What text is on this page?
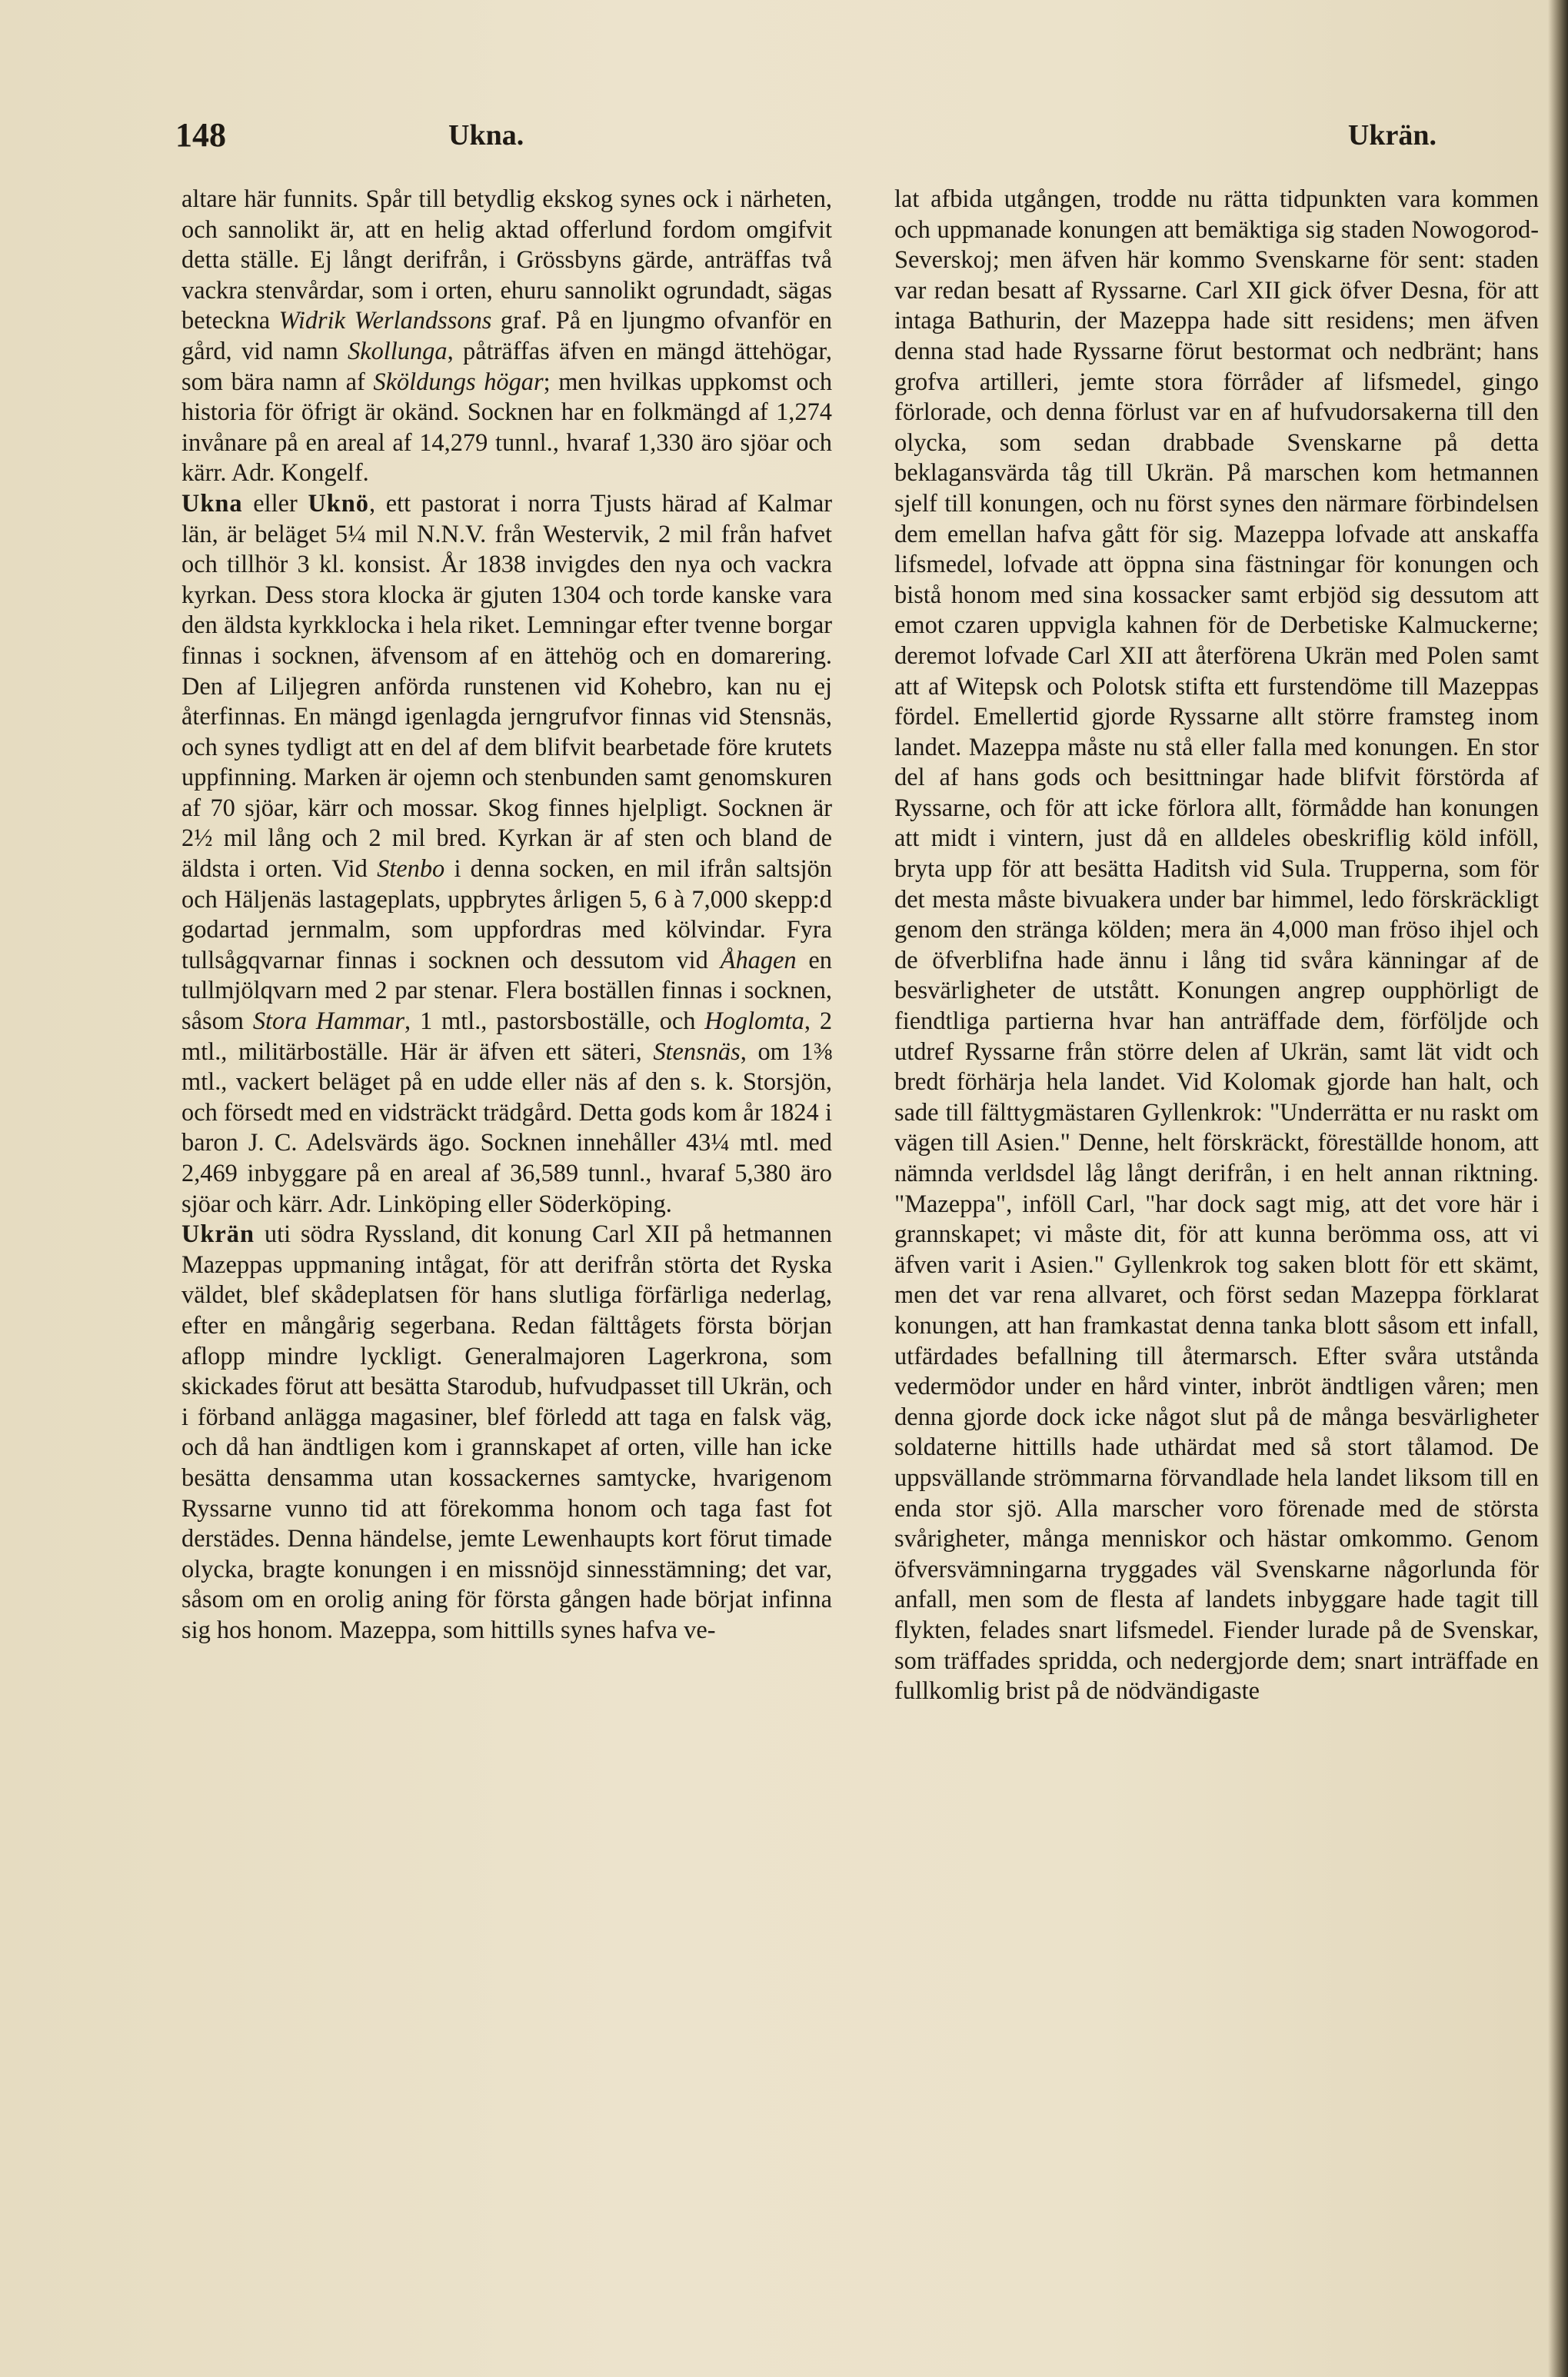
148	Ukna.	Ukrän.

altare här funnits. Spår till betydlig ekskog synes ock i närheten, och sannolikt är, att en helig aktad offerlund fordom omgifvit detta ställe. Ej långt derifrån, i Grössbyns gärde, anträffas två vackra stenvårdar, som i orten, ehuru sannolikt ogrundadt, sägas beteckna Widrik Werlandssons graf. På en ljungmo ofvanför en gård, vid namn Skollunga, påträffas äfven en mängd ättehögar, som bära namn af Sköldungs högar; men hvilkas uppkomst och historia för öfrigt är okänd. Socknen har en folkmängd af 1,274 invånare på en areal af 14,279 tunnl., hvaraf 1,330 äro sjöar och kärr. Adr. Kongelf.

Ukna eller Uknö, ett pastorat i norra Tjusts härad af Kalmar län, är beläget 5¼ mil N.N.V. från Westervik, 2 mil från hafvet och tillhör 3 kl. konsist. År 1838 invigdes den nya och vackra kyrkan. Dess stora klocka är gjuten 1304 och torde kanske vara den äldsta kyrkklocka i hela riket. Lemningar efter tvenne borgar finnas i socknen, äfvensom af en ättehög och en domarering. Den af Liljegren anförda runstenen vid Kohebro, kan nu ej återfinnas. En mängd igenlagda jerngrufvor finnas vid Stensnäs, och synes tydligt att en del af dem blifvit bearbetade före krutets uppfinning. Marken är ojemn och stenbunden samt genomskuren af 70 sjöar, kärr och mossar. Skog finnes hjelpligt. Socknen är 2½ mil lång och 2 mil bred. Kyrkan är af sten och bland de äldsta i orten. Vid Stenbo i denna socken, en mil ifrån saltsjön och Häljenäs lastageplats, uppbrytes årligen 5, 6 à 7,000 skepp:d godartad jernmalm, som uppfordras med kölvindar. Fyra tullsågqvarnar finnas i socknen och dessutom vid Åhagen en tullmjölqvarn med 2 par stenar. Flera boställen finnas i socknen, såsom Stora Hammar, 1 mtl., pastorsboställe, och Hoglomta, 2 mtl., militärboställe. Här är äfven ett säteri, Stensnäs, om 1⅜ mtl., vackert beläget på en udde eller näs af den s. k. Storsjön, och försedt med en vidsträckt trädgård. Detta gods kom år 1824 i baron J. C. Adelsvärds ägo. Socknen innehåller 43¼ mtl. med 2,469 inbyggare på en areal af 36,589 tunnl., hvaraf 5,380 äro sjöar och kärr. Adr. Linköping eller Söderköping.

Ukrän uti södra Ryssland, dit konung Carl XII på hetmannen Mazeppas uppmaning intågat, för att derifrån störta det Ryska väldet, blef skådeplatsen för hans slutliga förfärliga nederlag, efter en mångårig segerbana. Redan fälttågets första början aflopp mindre lyckligt. Generalmajoren Lagerkrona, som skickades förut att besätta Starodub, hufvudpasset till Ukrän, och i förband anlägga magasiner, blef förledd att taga en falsk väg, och då han ändtligen kom i grannskapet af orten, ville han icke besätta densamma utan kossackernes samtycke, hvarigenom Ryssarne vunno tid att förekomma honom och taga fast fot derstädes. Denna händelse, jemte Lewenhaupts kort förut timade olycka, bragte konungen i en missnöjd sinnesstämning; det var, såsom om en orolig aning för första gången hade börjat infinna sig hos honom. Mazeppa, som hittills synes hafva ve-

lat afbida utgången, trodde nu rätta tidpunkten vara kommen och uppmanade konungen att bemäktiga sig staden Nowogorod-Severskoj; men äfven här kommo Svenskarne för sent: staden var redan besatt af Ryssarne. Carl XII gick öfver Desna, för att intaga Bathurin, der Mazeppa hade sitt residens; men äfven denna stad hade Ryssarne förut bestormat och nedbränt; hans grofva artilleri, jemte stora förråder af lifsmedel, gingo förlorade, och denna förlust var en af hufvudorsakerna till den olycka, som sedan drabbade Svenskarne på detta beklagansvärda tåg till Ukrän. På marschen kom hetmannen sjelf till konungen, och nu först synes den närmare förbindelsen dem emellan hafva gått för sig. Mazeppa lofvade att anskaffa lifsmedel, lofvade att öppna sina fästningar för konungen och bistå honom med sina kossacker samt erbjöd sig dessutom att emot czaren uppvigla kahnen för de Derbetiske Kalmuckerne; deremot lofvade Carl XII att återförena Ukrän med Polen samt att af Witepsk och Polotsk stifta ett furstendöme till Mazeppas fördel. Emellertid gjorde Ryssarne allt större framsteg inom landet. Mazeppa måste nu stå eller falla med konungen. En stor del af hans gods och besittningar hade blifvit förstörda af Ryssarne, och för att icke förlora allt, förmådde han konungen att midt i vintern, just då en alldeles obeskriflig köld inföll, bryta upp för att besätta Haditsh vid Sula. Trupperna, som för det mesta måste bivuakera under bar himmel, ledo förskräckligt genom den stränga kölden; mera än 4,000 man fröso ihjel och de öfverblifna hade ännu i lång tid svåra känningar af de besvärligheter de utstått. Konungen angrep oupphörligt de fiendtliga partierna hvar han anträffade dem, förföljde och utdref Ryssarne från större delen af Ukrän, samt lät vidt och bredt förhärja hela landet. Vid Kolomak gjorde han halt, och sade till fälttygmästaren Gyllenkrok: "Underrätta er nu raskt om vägen till Asien." Denne, helt förskräckt, föreställde honom, att nämnda verldsdel låg långt derifrån, i en helt annan riktning. "Mazeppa", inföll Carl, "har dock sagt mig, att det vore här i grannskapet; vi måste dit, för att kunna berömma oss, att vi äfven varit i Asien." Gyllenkrok tog saken blott för ett skämt, men det var rena allvaret, och först sedan Mazeppa förklarat konungen, att han framkastat denna tanka blott såsom ett infall, utfärdades befallning till återmarsch. Efter svåra utstånda vedermödor under en hård vinter, inbröt ändtligen våren; men denna gjorde dock icke något slut på de många besvärligheter soldaterne hittills hade uthärdat med så stort tålamod. De uppsvällande strömmarna förvandlade hela landet liksom till en enda stor sjö. Alla marscher voro förenade med de största svårigheter, många menniskor och hästar omkommo. Genom öfversvämningarna tryggades väl Svenskarne någorlunda för anfall, men som de flesta af landets inbyggare hade tagit till flykten, felades snart lifsmedel. Fiender lurade på de Svenskar, som träffades spridda, och nedergjorde dem; snart inträffade en fullkomlig brist på de nödvändigaste
